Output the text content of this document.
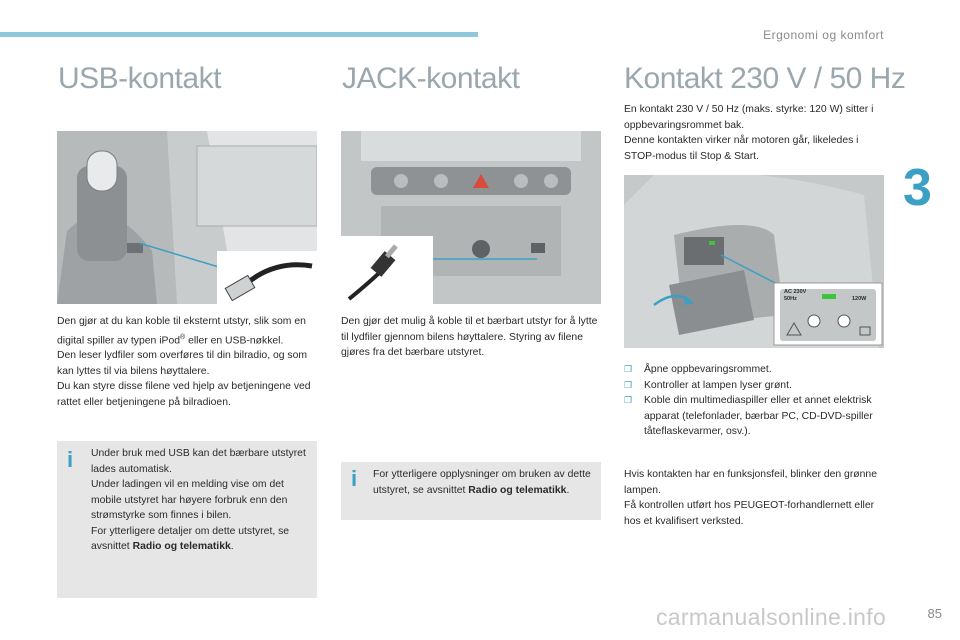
Ergonomi og komfort
3
USB-kontakt

Den gjør at du kan koble til eksternt utstyr, slik som en digital spiller av typen iPod® eller en USB-nøkkel.

Den leser lydfiler som overføres til din bilradio, og som kan lyttes til via bilens høyttalere.

Du kan styre disse filene ved hjelp av betjeningene ved rattet eller betjeningene på bilradioen.

i Under bruk med USB kan det bærbare utstyret lades automatisk.
Under ladingen vil en melding vise om det mobile utstyret har høyere forbruk enn den strømstyrke som finnes i bilen.
For ytterligere detaljer om dette utstyret, se avsnittet Radio og telematikk.
JACK-kontakt

Den gjør det mulig å koble til et bærbart utstyr for å lytte til lydfiler gjennom bilens høyttalere. Styring av filene gjøres fra det bærbare utstyret.

i For ytterligere opplysninger om bruken av dette utstyret, se avsnittet Radio og telematikk.
Kontakt 230 V / 50 Hz

En kontakt 230 V / 50 Hz (maks. styrke: 120 W) sitter i oppbevaringsrommet bak.

Denne kontakten virker når motoren går, likeledes i STOP-modus til Stop & Start.

AC 230V
50Hz	120W
❐ Åpne oppbevaringsrommet.
❐ Kontroller at lampen lyser grønt.
❐ Koble din multimediaspiller eller et annet elektrisk apparat (telefonlader, bærbar PC, CD-DVD-spiller tåteflaskevarmer, osv.).

Hvis kontakten har en funksjonsfeil, blinker den grønne lampen.

Få kontrollen utført hos PEUGEOT-forhandlernett eller hos et kvalifisert verksted.

carmanualsonline.info	85
